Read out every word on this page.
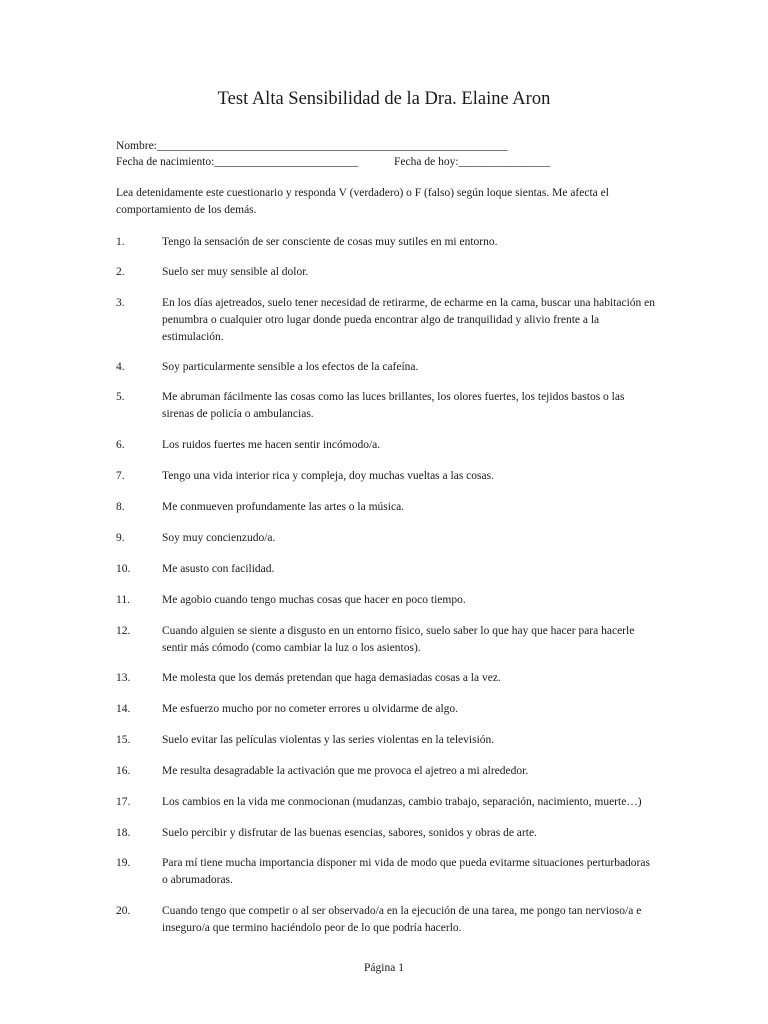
Test Alta Sensibilidad de la Dra. Elaine Aron
Nombre:_____________________________________________________________
Fecha de nacimiento:_________________________	Fecha de hoy:________________
Lea detenidamente este cuestionario y responda V (verdadero) o F (falso) según loque sientas. Me afecta el comportamiento de los demás.
1.	Tengo la sensación de ser consciente de cosas muy sutiles en mi entorno.
2.	Suelo ser muy sensible al dolor.
3.	En los días ajetreados, suelo tener necesidad de retirarme, de echarme en la cama, buscar una habitación en penumbra o cualquier otro lugar donde pueda encontrar algo de tranquilidad y alivio frente a la estimulación.
4.	Soy particularmente sensible a los efectos de la cafeína.
5.	Me abruman fácilmente las cosas como las luces brillantes, los olores fuertes, los tejidos bastos o las sirenas de policía o ambulancias.
6.	Los ruidos fuertes me hacen sentir incómodo/a.
7.	Tengo una vida interior rica y compleja, doy muchas vueltas a las cosas.
8.	Me conmueven profundamente las artes o la música.
9.	Soy muy concienzudo/a.
10.	Me asusto con facilidad.
11.	Me agobio cuando tengo muchas cosas que hacer en poco tiempo.
12.	Cuando alguien se siente a disgusto en un entorno físico, suelo saber lo que hay que hacer para hacerle sentir más cómodo (como cambiar la luz o los asientos).
13.	Me molesta que los demás pretendan que haga demasiadas cosas a la vez.
14.	Me esfuerzo mucho por no cometer errores u olvidarme de algo.
15.	Suelo evitar las películas violentas y las series violentas en la televisión.
16.	Me resulta desagradable la activación que me provoca el ajetreo a mi alrededor.
17.	Los cambios en la vida me conmocionan (mudanzas, cambio trabajo, separación, nacimiento, muerte…)
18.	Suelo percibir y disfrutar de las buenas esencias, sabores, sonidos y obras de arte.
19.	Para mí tiene mucha importancia disponer mi vida de modo que pueda evitarme situaciones perturbadoras o abrumadoras.
20.	Cuando tengo que competir o al ser observado/a en la ejecución de una tarea, me pongo tan nervioso/a e inseguro/a que termino haciéndolo peor de lo que podría hacerlo.
Página 1
